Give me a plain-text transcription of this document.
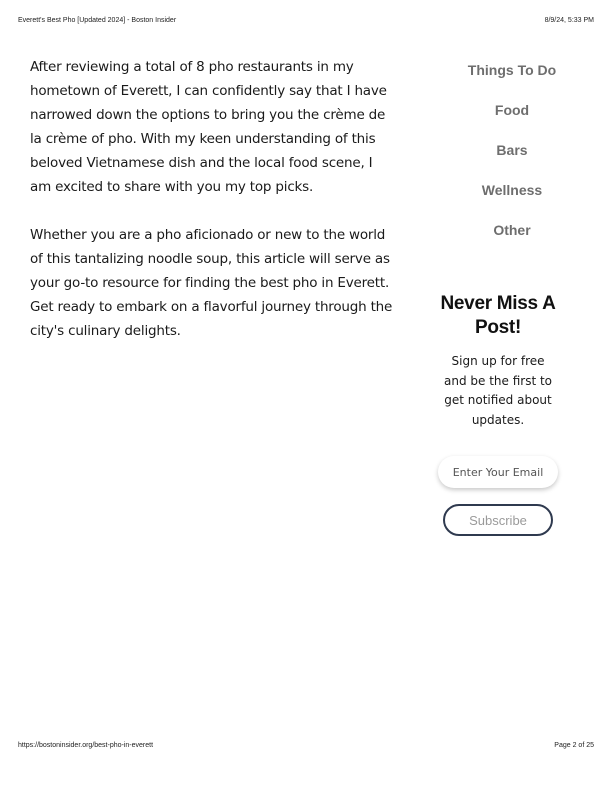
Everett's Best Pho [Updated 2024] - Boston Insider	8/9/24, 5:33 PM

After reviewing a total of 8 pho restaurants in my hometown of Everett, I can confidently say that I have narrowed down the options to bring you the crème de la crème of pho. With my keen understanding of this beloved Vietnamese dish and the local food scene, I am excited to share with you my top picks.

Whether you are a pho aficionado or new to the world of this tantalizing noodle soup, this article will serve as your go-to resource for finding the best pho in Everett. Get ready to embark on a flavorful journey through the city's culinary delights.

Things To Do
Food
Bars
Wellness
Other
Never Miss A Post!

Sign up for free and be the first to get notified about updates.

Enter Your Email
Subscribe
https://bostoninsider.org/best-pho-in-everett	Page 2 of 25
